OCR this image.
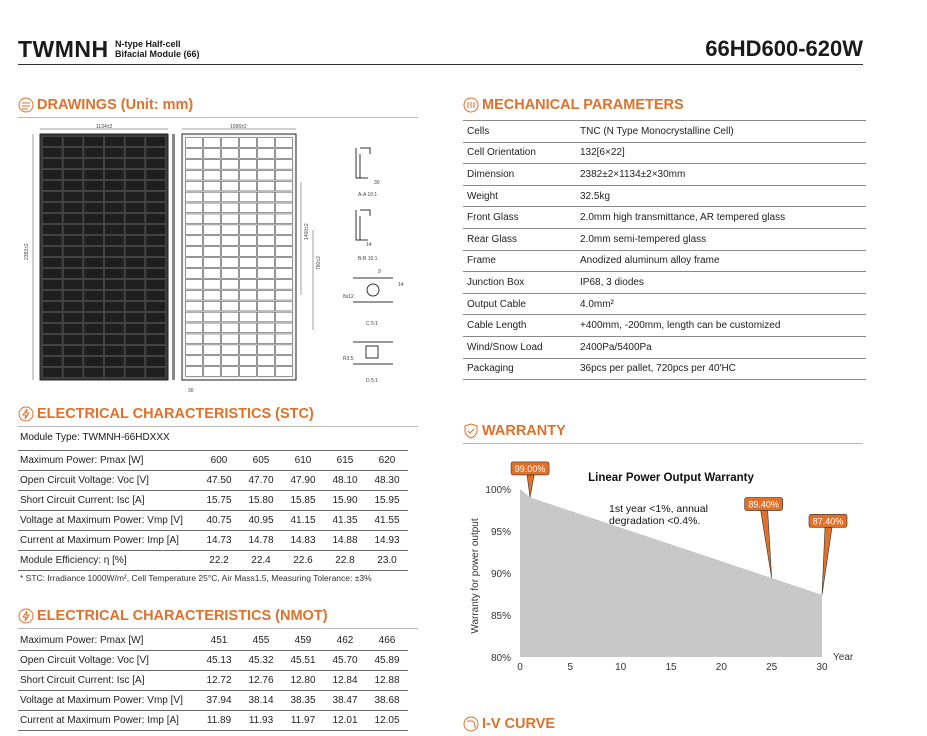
TWMNH N-type Half-cell
Bifacial Module (66)	66HD600-620W
DRAWINGS (Unit: mm)
1134±2
2382±2
1096±2
1400±2
790±2
30
A-A 10:1
30
B-B 10:1
14
C 5:1
8x12
9
14
D 5:1
R3.5
MECHANICAL PARAMETERS
Cells	TNC (N Type Monocrystalline Cell)
Cell Orientation	132[6×22]
Dimension	2382±2×1134±2×30mm
Weight	32.5kg
Front Glass	2.0mm high transmittance, AR tempered glass
Rear Glass	2.0mm semi-tempered glass
Frame	Anodized aluminum alloy frame
Junction Box	IP68, 3 diodes
Output Cable	4.0mm²
Cable Length	+400mm, -200mm, length can be customized
Wind/Snow Load	2400Pa/5400Pa
Packaging	36pcs per pallet, 720pcs per 40'HC
ELECTRICAL CHARACTERISTICS (STC)
Module Type: TWMNH-66HDXXX
Maximum Power: Pmax [W]	600	605	610	615	620
Open Circuit Voltage: Voc [V]	47.50	47.70	47.90	48.10	48.30
Short Circuit Current: Isc [A]	15.75	15.80	15.85	15.90	15.95
Voltage at Maximum Power: Vmp [V]	40.75	40.95	41.15	41.35	41.55
Current at Maximum Power: Imp [A]	14.73	14.78	14.83	14.88	14.93
Module Efficiency: η [%]	22.2	22.4	22.6	22.8	23.0
* STC: Irradiance 1000W/m², Cell Temperature 25°C, Air Mass1.5, Measuring Tolerance: ±3%
ELECTRICAL CHARACTERISTICS (NMOT)
Maximum Power: Pmax [W]	451	455	459	462	466
Open Circuit Voltage: Voc [V]	45.13	45.32	45.51	45.70	45.89
Short Circuit Current: Isc [A]	12.72	12.76	12.80	12.84	12.88
Voltage at Maximum Power: Vmp [V]	37.94	38.14	38.35	38.47	38.68
Current at Maximum Power: Imp [A]	11.89	11.93	11.97	12.01	12.05
WARRANTY
0	5	10	15	20	25	30
80%
85%
90%
95%
100%
99.00%
89.40%
87.40%
Linear Power Output Warranty
1st year <1%, annual
degradation <0.4%.
Warranty for power output
Year
I-V CURVE
